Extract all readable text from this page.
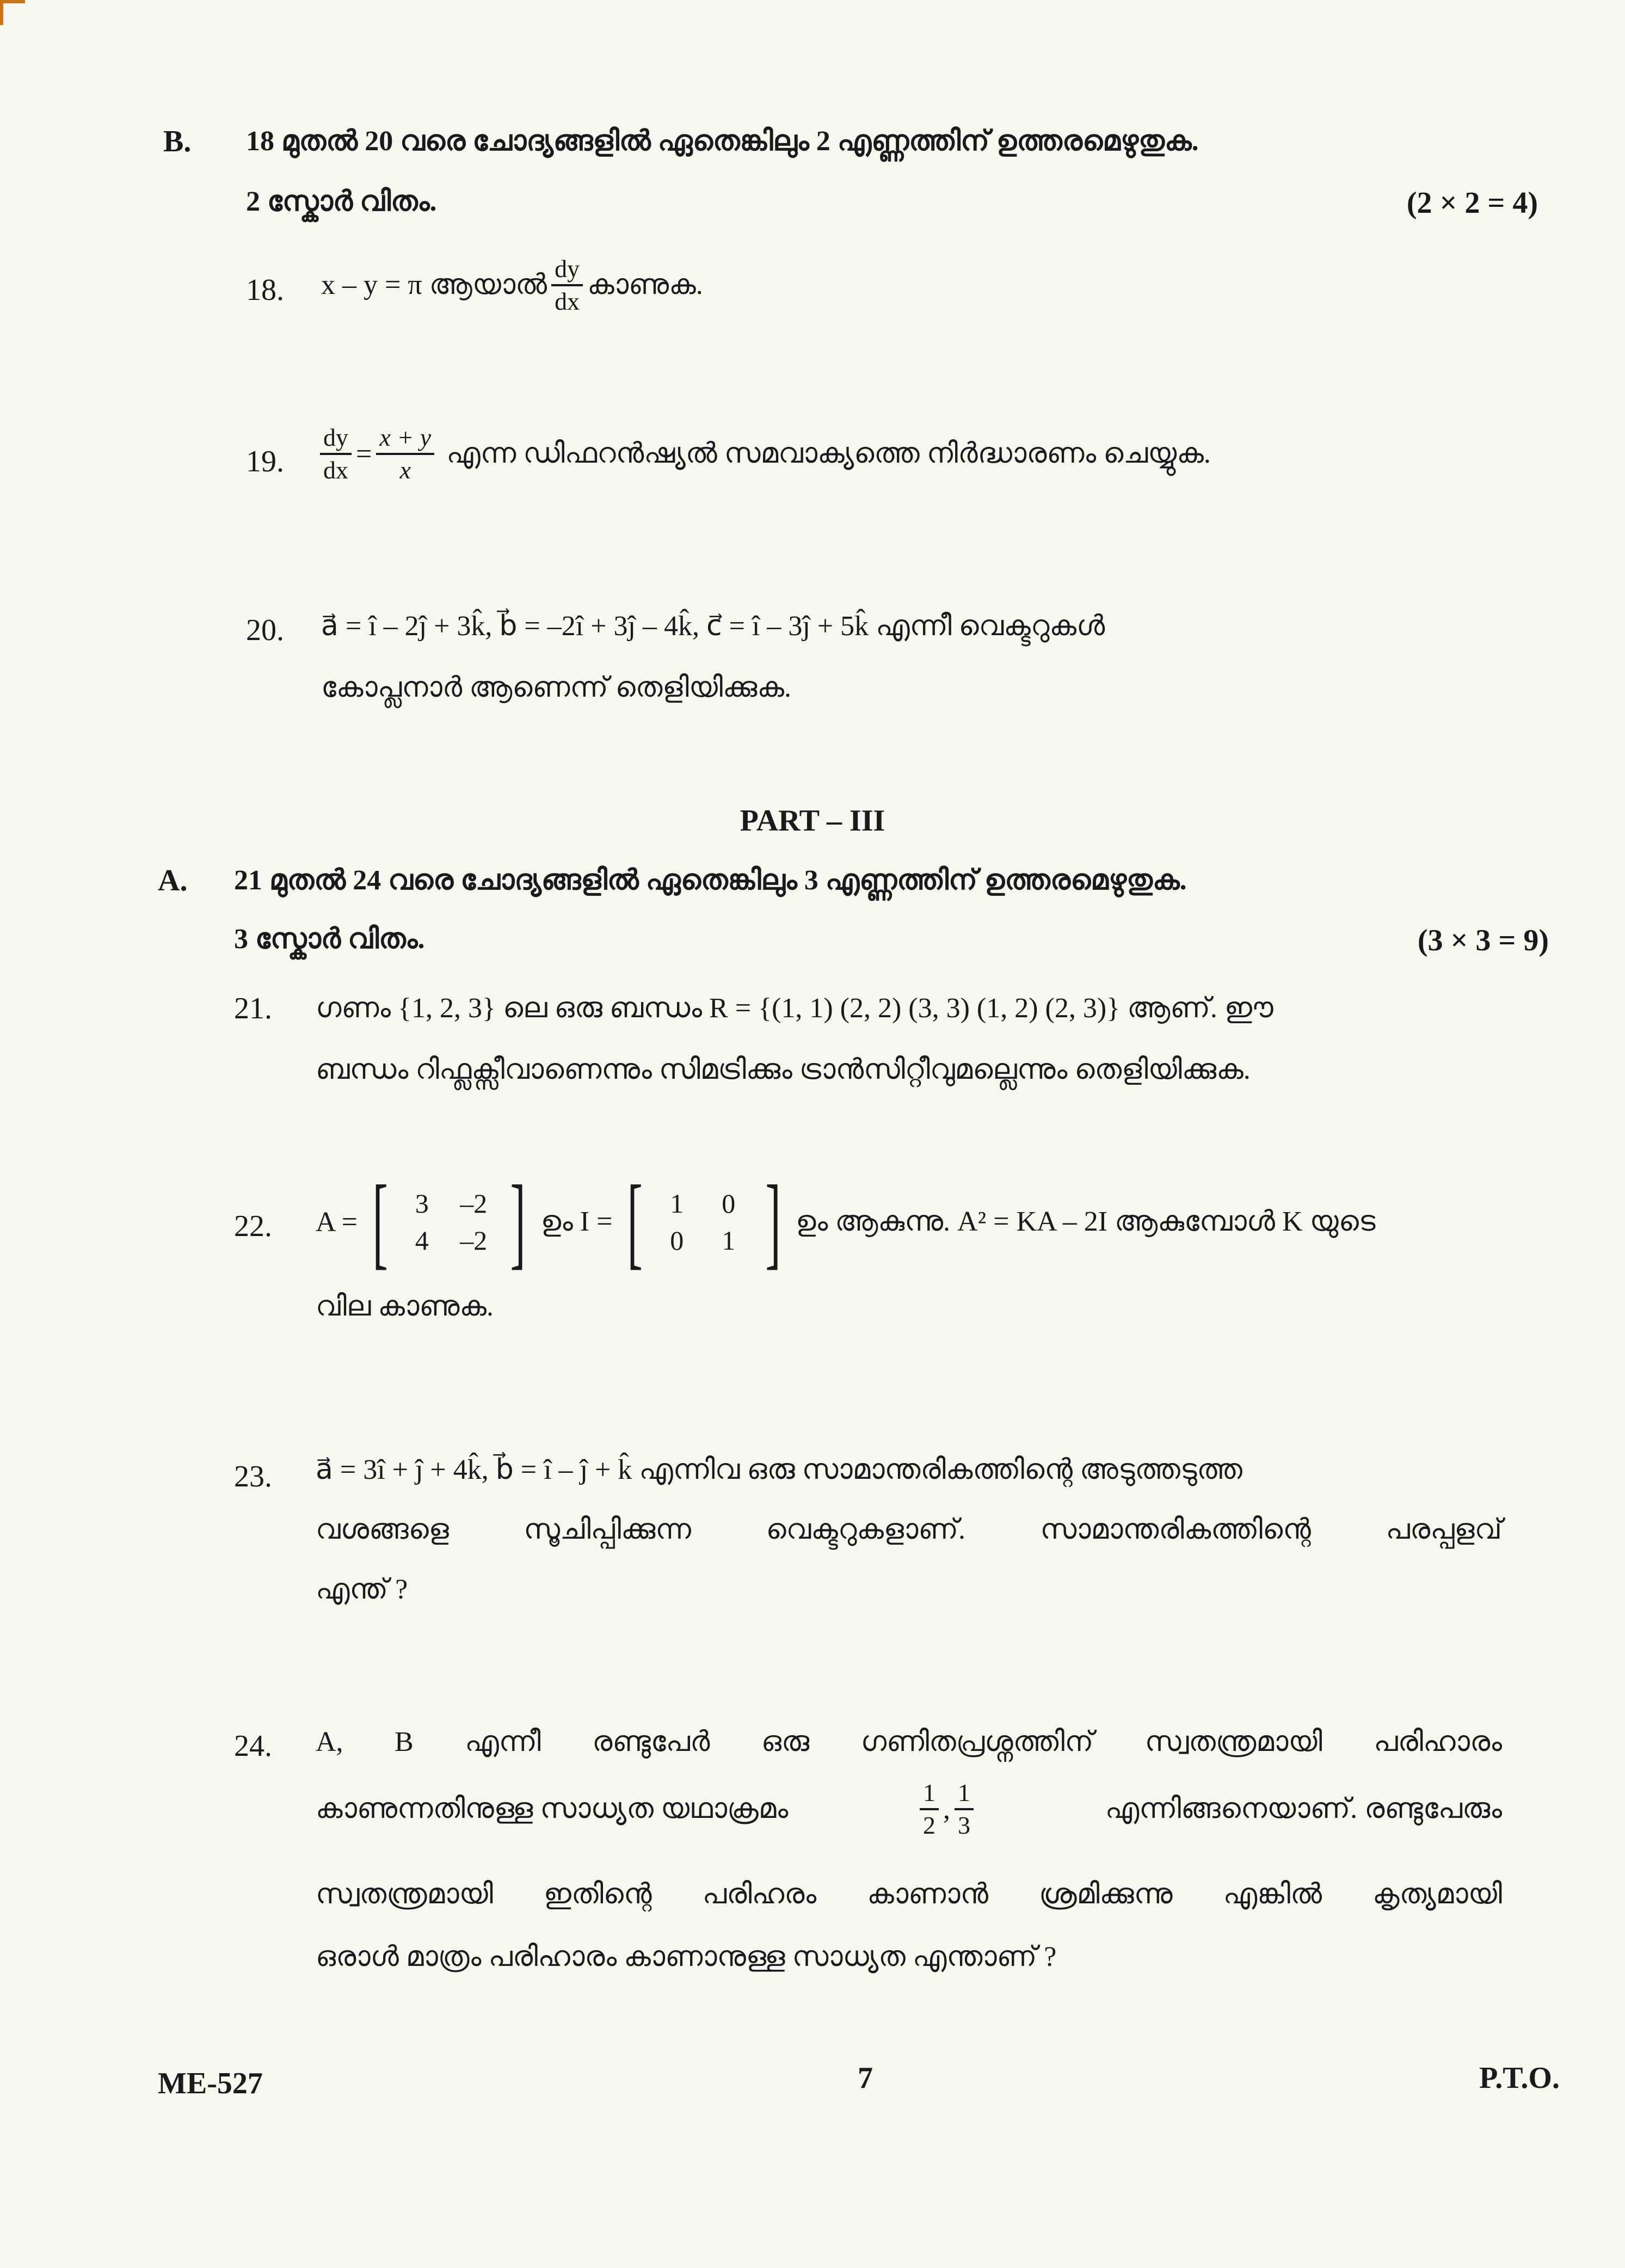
B. 18 മുതൽ 20 വരെ ചോദ്യങ്ങളിൽ ഏതെങ്കിലും 2 എണ്ണത്തിന് ഉത്തരമെഴുതുക.
2 സ്കോർ വിതം.	(2 × 2 = 4)
18. x – y = π ആയാൽ $\frac{dy}{dx}$ കാണുക.
19. $\frac{dy}{dx} = \frac{x + y}{x}$ എന്ന ഡിഫറൻഷ്യൽ സമവാക്യത്തെ നിർദ്ധാരണം ചെയ്യുക.
20. a⃗ = î – 2ĵ + 3k̂, b⃗ = –2î + 3ĵ – 4k̂, c⃗ = î – 3ĵ + 5k̂ എന്നീ വെക്ടറുകൾ
കോപ്ലനാർ ആണെന്ന് തെളിയിക്കുക.
PART – III
A. 21 മുതൽ 24 വരെ ചോദ്യങ്ങളിൽ ഏതെങ്കിലും 3 എണ്ണത്തിന് ഉത്തരമെഴുതുക.
3 സ്കോർ വിതം.	(3 × 3 = 9)
21. ഗണം {1, 2, 3} ലെ ഒരു ബന്ധം R = {(1, 1) (2, 2) (3, 3) (1, 2) (2, 3)} ആണ്. ഈ
ബന്ധം റിഫ്ലക്സീവാണെന്നും സിമട്രിക്കും ട്രാൻസിറ്റീവുമല്ലെന്നും തെളിയിക്കുക.
22. A = [ 3	–2
4	–2 ] ഉം I = [ 1	0
0	1 ] ഉം ആകുന്നു. A² = KA – 2I ആകുമ്പോൾ K യുടെ
വില കാണുക.
23. a⃗ = 3î + ĵ + 4k̂, b⃗ = î – ĵ + k̂ എന്നിവ ഒരു സാമാന്തരികത്തിന്റെ അടുത്തടുത്ത
വശങ്ങളെ സൂചിപ്പിക്കുന്ന വെക്ടറുകളാണ്. സാമാന്തരികത്തിന്റെ പരപ്പളവ്
എന്ത് ?
24. A, B എന്നീ രണ്ടുപേർ ഒരു ഗണിതപ്രശ്നത്തിന് സ്വതന്ത്രമായി പരിഹാരം
കാണുന്നതിനുള്ള സാധ്യത യഥാക്രമം	$\frac{1}{2}$ , $\frac{1}{3}$	എന്നിങ്ങനെയാണ്. രണ്ടുപേരും
സ്വതന്ത്രമായി ഇതിന്റെ പരിഹരം കാണാൻ ശ്രമിക്കുന്നു എങ്കിൽ കൃത്യമായി
ഒരാൾ മാത്രം പരിഹാരം കാണാനുള്ള സാധ്യത എന്താണ് ?
ME-527	7	P.T.O.
